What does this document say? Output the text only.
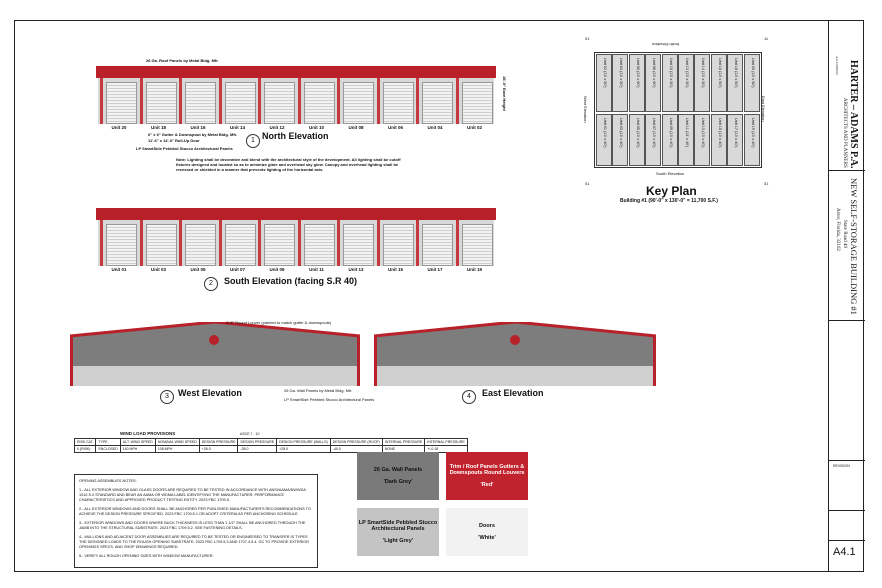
26 Ga. Roof Panels by Metal Bldg. Mfr.
6" x 6" Gutter & Downspout by Metal Bldg. Mfr.
11'-6" x 14'-0" Roll-Up Door
LP SmartSide Pebbled Stucco Architectural Panels
16'-0" Eave Height
Unit 20	Unit 18	Unit 16	Unit 14	Unit 12	Unit 10	Unit 08	Unit 06	Unit 04	Unit 02
1 North Elevation
Note: Lighting shall be decorative and blend with the architectural style of the development. All lighting shall be cutoff fixtures designed and located so as to minimize glare and overhead sky glow. Canopy and overhead lighting shall be recessed or shielded in a manner that prevents lighting of the horizontal axis.
Unit 01	Unit 03	Unit 05	Unit 07	Unit 09	Unit 11	Unit 13	Unit 15	Unit 17	Unit 19
2	South Elevation (facing S.R 40)
2'-6" Round Louver (painted to match gutter & downspouts)
26 Ga. Wall Panels by Metal Bldg. Mfr.
LP SmartSide Pebbled Stucco Architectural Panels
3	West Elevation	4	East Elevation
North Elevation
South Elevation
West Elevation	East Elevation
Unit 02 (13' x 50')	Unit 04 (13' x 50')	Unit 06 (13' x 50')	Unit 08 (13' x 50')	Unit 10 (13' x 50')	Unit 12 (13' x 50')	Unit 14 (13' x 50')	Unit 16 (13' x 50')	Unit 18 (13' x 50')	Unit 20 (13' x 50')
Unit 01 (13' x 40')	Unit 03 (13' x 40')	Unit 05 (13' x 40')	Unit 07 (13' x 40')	Unit 09 (13' x 40')	Unit 11 (13' x 40')	Unit 13 (13' x 40')	Unit 15 (13' x 40')	Unit 17 (13' x 40')	Unit 19 (13' x 40')
01	11
01	31
Key Plan
Building #1 (90'-0" x 130'-0" = 11,700 S.F.)
WIND LOAD PROVISIONS	ASCE 7 - 10
RISK CAT.	TYPE	ULT. WIND SPEED	NOMINAL WIND SPEED	DESIGN PRESSURE	DESIGN PRESSURE	DESIGN PRESSURE (WALLS)	DESIGN PRESSURE (ROOF)	INTERNAL PRESSURE	INTERNAL PRESSURE
II (RISK)	ENCLOSED	140 MPH	108 MPH	+26.0	-28.0	+28.0	-40.0	NONE	+/-0.18

OPENING ASSEMBLIES NOTES:

1.- ALL EXTERIOR WINDOW AND GLASS DOORS ARE REQUIRED TO BE TESTED IN ACCORDANCE WITH ANSI/AAMA/NWWDA 101/I.S.2 STANDARD AND BEAR AN AAMA OR WDMA LABEL IDENTIFYING THE MANUFACTURER, PERFORMANCE CHARACTERISTICS AND APPROVED PRODUCT TESTING ENTITY. 2023 FBC 1709.5.

2.- ALL EXTERIOR WINDOWS AND DOORS SHALL BE ANCHORED PER PUBLISHED MANUFACTURER'S RECOMMENDATIONS TO ACHIEVE THE DESIGN PRESSURE SPECIFIED. 2023 FBC 1709.5.1 OR ADOPT CRITERIA AS PER ANCHORING SCHEDULE.

3.- EXTERIOR WINDOWS AND DOORS WHERE BUCK THICKNESS IS LESS THAN 1 1/2" SHALL BE ANCHORED THROUGH THE JAMB INTO THE STRUCTURAL SUBSTRATE. 2023 FBC 1709.5.2. SEE FASTENING DETAILS.

4.- MULLIONS AND ADJACENT DOOR ASSEMBLIES ARE REQUIRED TO BE TESTED OR ENGINEERED TO TRANSFER IS TYPES THE DESIGNED LOADS TO THE ROUGH OPENING SUBSTRATE. 2023 FBC 1709.5.3 AND 1707.4.5.4. GC TO PROVIDE EXTERIOR OPENINGS SPECS. AND SHOP DRAWINGS REQUIRED.

5.- VERIFY ALL ROUGH OPENING SIZES WITH WINDOW MANUFACTURER.

26 Ga. Wall Panels
'Dark Grey'
Trim / Roof Panels Gutters & Downspouts Round Louvers
'Red'
LP SmartSide Pebbled Stucco Architectural Panels
'Light Grey'
Doors
'White'
HARTER – ADAMS P.A.
ARCHITECTS AND PLANNERS
AA C000000
NEW SELF-STORAGE BUILDING #1
State Road 40
Astor, Florida, 32102
REVISION
A4.1
